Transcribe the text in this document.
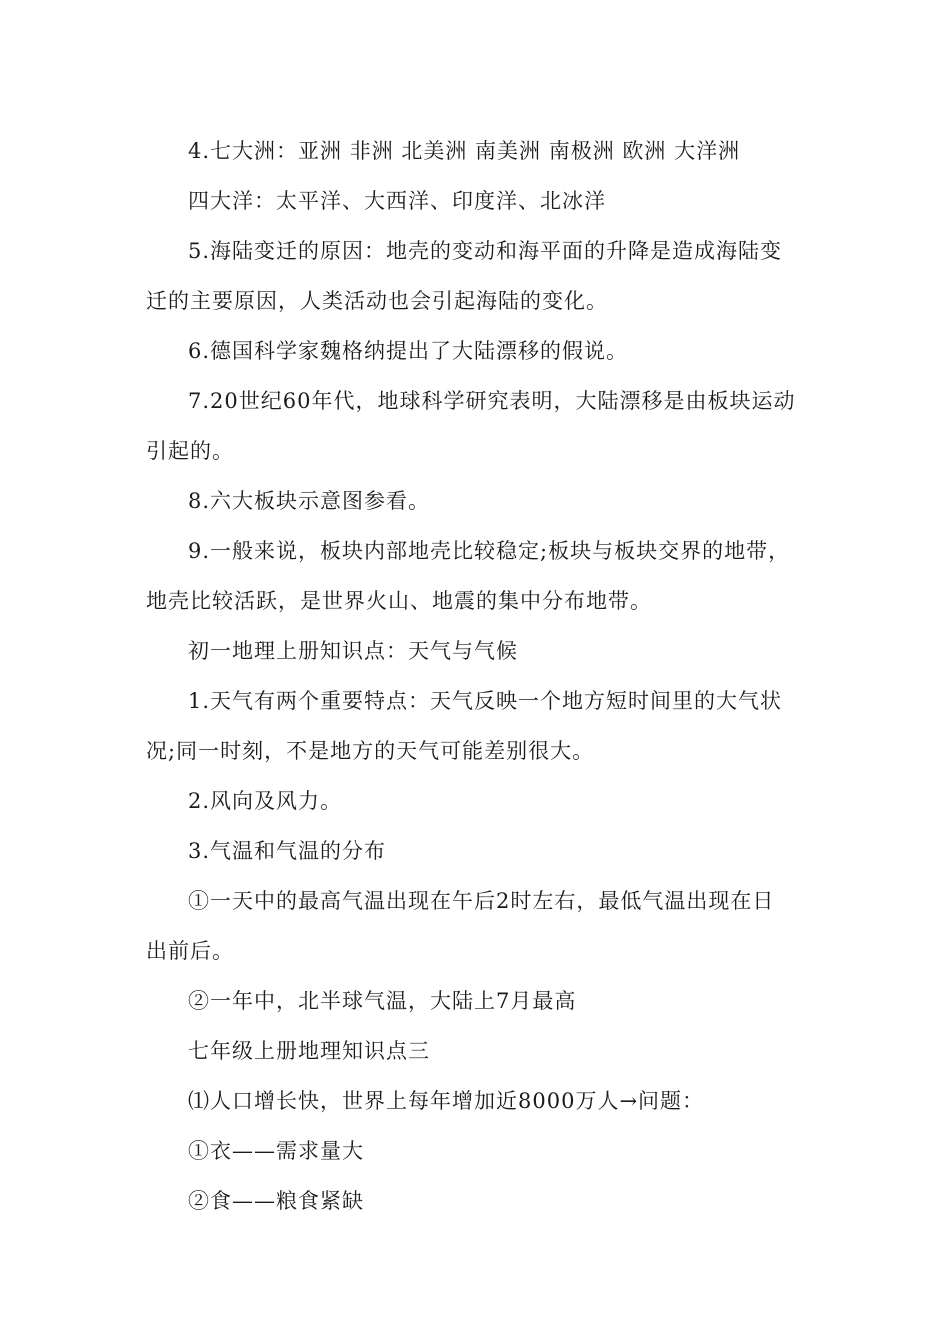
4.七大洲：亚洲 非洲 北美洲 南美洲 南极洲 欧洲 大洋洲
四大洋：太平洋、大西洋、印度洋、北冰洋
5.海陆变迁的原因：地壳的变动和海平面的升降是造成海陆变
迁的主要原因，人类活动也会引起海陆的变化。
6.德国科学家魏格纳提出了大陆漂移的假说。
7.20世纪60年代，地球科学研究表明，大陆漂移是由板块运动
引起的。
8.六大板块示意图参看。
9.一般来说，板块内部地壳比较稳定;板块与板块交界的地带，
地壳比较活跃，是世界火山、地震的集中分布地带。
初一地理上册知识点：天气与气候
1.天气有两个重要特点：天气反映一个地方短时间里的大气状
况;同一时刻，不是地方的天气可能差别很大。
2.风向及风力。
3.气温和气温的分布
①一天中的最高气温出现在午后2时左右，最低气温出现在日
出前后。
②一年中，北半球气温，大陆上7月最高
七年级上册地理知识点三
⑴人口增长快，世界上每年增加近8000万人→问题：
①衣——需求量大
②食——粮食紧缺
